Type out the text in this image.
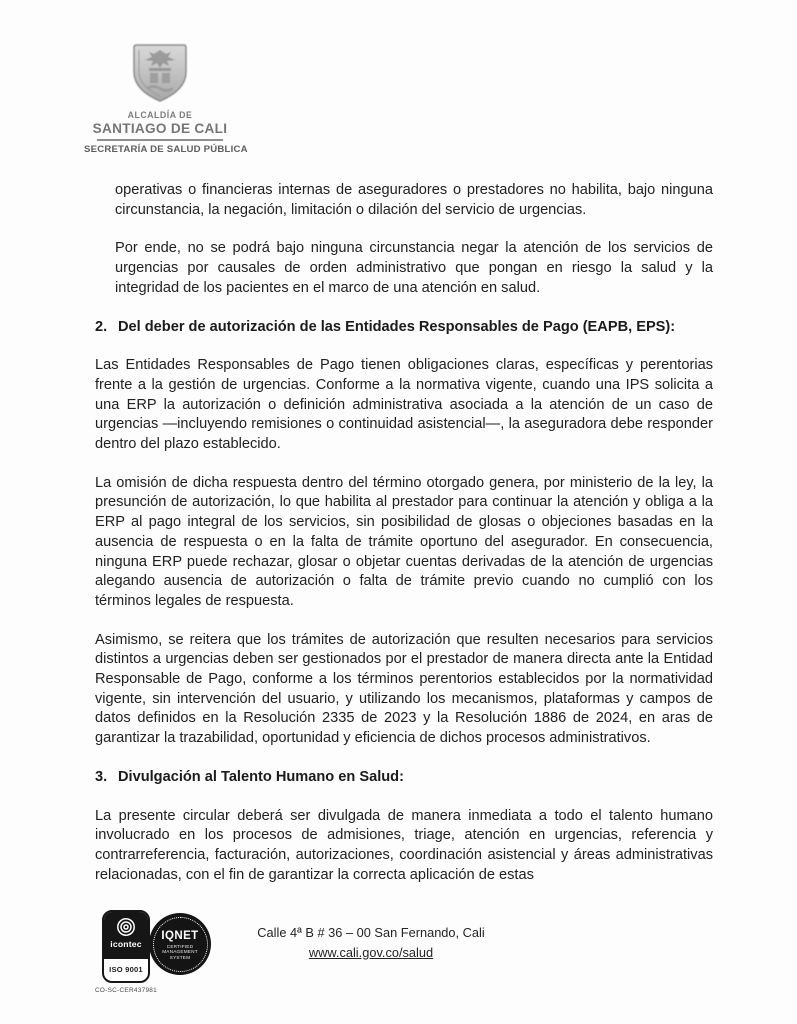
ALCALDÍA DE
SANTIAGO DE CALI
SECRETARÍA DE SALUD PÚBLICA

operativas o financieras internas de aseguradores o prestadores no habilita, bajo ninguna circunstancia, la negación, limitación o dilación del servicio de urgencias.

Por ende, no se podrá bajo ninguna circunstancia negar la atención de los servicios de urgencias por causales de orden administrativo que pongan en riesgo la salud y la integridad de los pacientes en el marco de una atención en salud.

2. Del deber de autorización de las Entidades Responsables de Pago (EAPB, EPS):

Las Entidades Responsables de Pago tienen obligaciones claras, específicas y perentorias frente a la gestión de urgencias. Conforme a la normativa vigente, cuando una IPS solicita a una ERP la autorización o definición administrativa asociada a la atención de un caso de urgencias —incluyendo remisiones o continuidad asistencial—, la aseguradora debe responder dentro del plazo establecido.

La omisión de dicha respuesta dentro del término otorgado genera, por ministerio de la ley, la presunción de autorización, lo que habilita al prestador para continuar la atención y obliga a la ERP al pago integral de los servicios, sin posibilidad de glosas o objeciones basadas en la ausencia de respuesta o en la falta de trámite oportuno del asegurador. En consecuencia, ninguna ERP puede rechazar, glosar o objetar cuentas derivadas de la atención de urgencias alegando ausencia de autorización o falta de trámite previo cuando no cumplió con los términos legales de respuesta.

Asimismo, se reitera que los trámites de autorización que resulten necesarios para servicios distintos a urgencias deben ser gestionados por el prestador de manera directa ante la Entidad Responsable de Pago, conforme a los términos perentorios establecidos por la normatividad vigente, sin intervención del usuario, y utilizando los mecanismos, plataformas y campos de datos definidos en la Resolución 2335 de 2023 y la Resolución 1886 de 2024, en aras de garantizar la trazabilidad, oportunidad y eficiencia de dichos procesos administrativos.

3. Divulgación al Talento Humano en Salud:

La presente circular deberá ser divulgada de manera inmediata a todo el talento humano involucrado en los procesos de admisiones, triage, atención en urgencias, referencia y contrarreferencia, facturación, autorizaciones, coordinación asistencial y áreas administrativas relacionadas, con el fin de garantizar la correcta aplicación de estas

icontec
ISO 9001
CO-SC-CER437981
IQNET
CERTIFIED MANAGEMENT SYSTEM
Calle 4ª B # 36 – 00 San Fernando, Cali
www.cali.gov.co/salud
